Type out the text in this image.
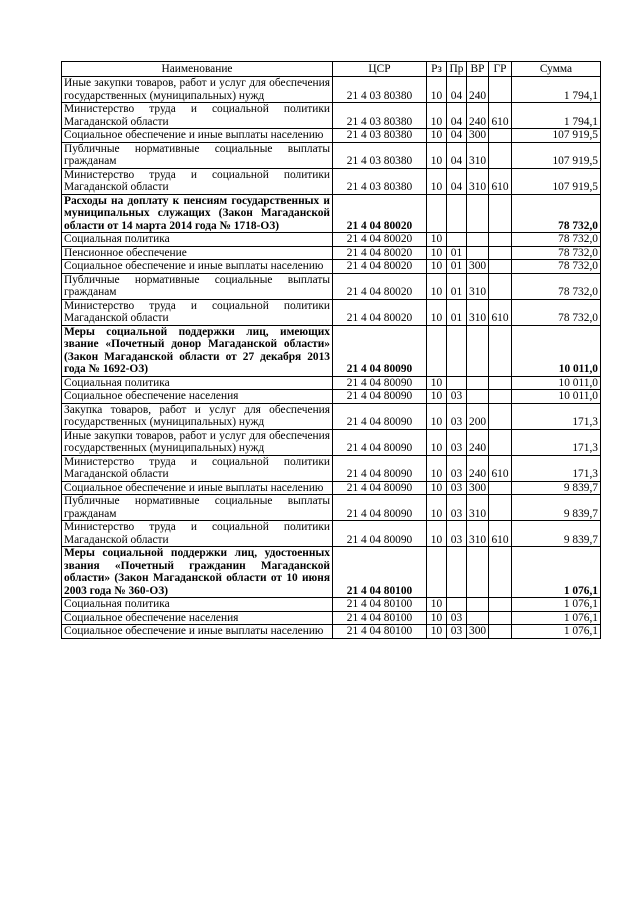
Наименование	ЦСР	Рз	Пр	ВР	ГР	Сумма
Иные закупки товаров, работ и услуг для обеспечения государственных (муниципальных) нужд	21 4 03 80380	10	04	240		1 794,1
Министерство труда и социальной политики Магаданской области	21 4 03 80380	10	04	240	610	1 794,1
Социальное обеспечение и иные выплаты населению	21 4 03 80380	10	04	300		107 919,5
Публичные нормативные социальные выплаты гражданам	21 4 03 80380	10	04	310		107 919,5
Министерство труда и социальной политики Магаданской области	21 4 03 80380	10	04	310	610	107 919,5
Расходы на доплату к пенсиям государственных и муниципальных служащих (Закон Магаданской области от 14 марта 2014 года № 1718-ОЗ)	21 4 04 80020					78 732,0
Социальная политика	21 4 04 80020	10				78 732,0
Пенсионное обеспечение	21 4 04 80020	10	01			78 732,0
Социальное обеспечение и иные выплаты населению	21 4 04 80020	10	01	300		78 732,0
Публичные нормативные социальные выплаты гражданам	21 4 04 80020	10	01	310		78 732,0
Министерство труда и социальной политики Магаданской области	21 4 04 80020	10	01	310	610	78 732,0
Меры социальной поддержки лиц, имеющих звание «Почетный донор Магаданской области» (Закон Магаданской области от 27 декабря 2013 года № 1692-ОЗ)	21 4 04 80090					10 011,0
Социальная политика	21 4 04 80090	10				10 011,0
Социальное обеспечение населения	21 4 04 80090	10	03			10 011,0
Закупка товаров, работ и услуг для обеспечения государственных (муниципальных) нужд	21 4 04 80090	10	03	200		171,3
Иные закупки товаров, работ и услуг для обеспечения государственных (муниципальных) нужд	21 4 04 80090	10	03	240		171,3
Министерство труда и социальной политики Магаданской области	21 4 04 80090	10	03	240	610	171,3
Социальное обеспечение и иные выплаты населению	21 4 04 80090	10	03	300		9 839,7
Публичные нормативные социальные выплаты гражданам	21 4 04 80090	10	03	310		9 839,7
Министерство труда и социальной политики Магаданской области	21 4 04 80090	10	03	310	610	9 839,7
Меры социальной поддержки лиц, удостоенных звания «Почетный гражданин Магаданской области» (Закон Магаданской области от 10 июня 2003 года № 360-ОЗ)	21 4 04 80100					1 076,1
Социальная политика	21 4 04 80100	10				1 076,1
Социальное обеспечение населения	21 4 04 80100	10	03			1 076,1
Социальное обеспечение и иные выплаты населению	21 4 04 80100	10	03	300		1 076,1
